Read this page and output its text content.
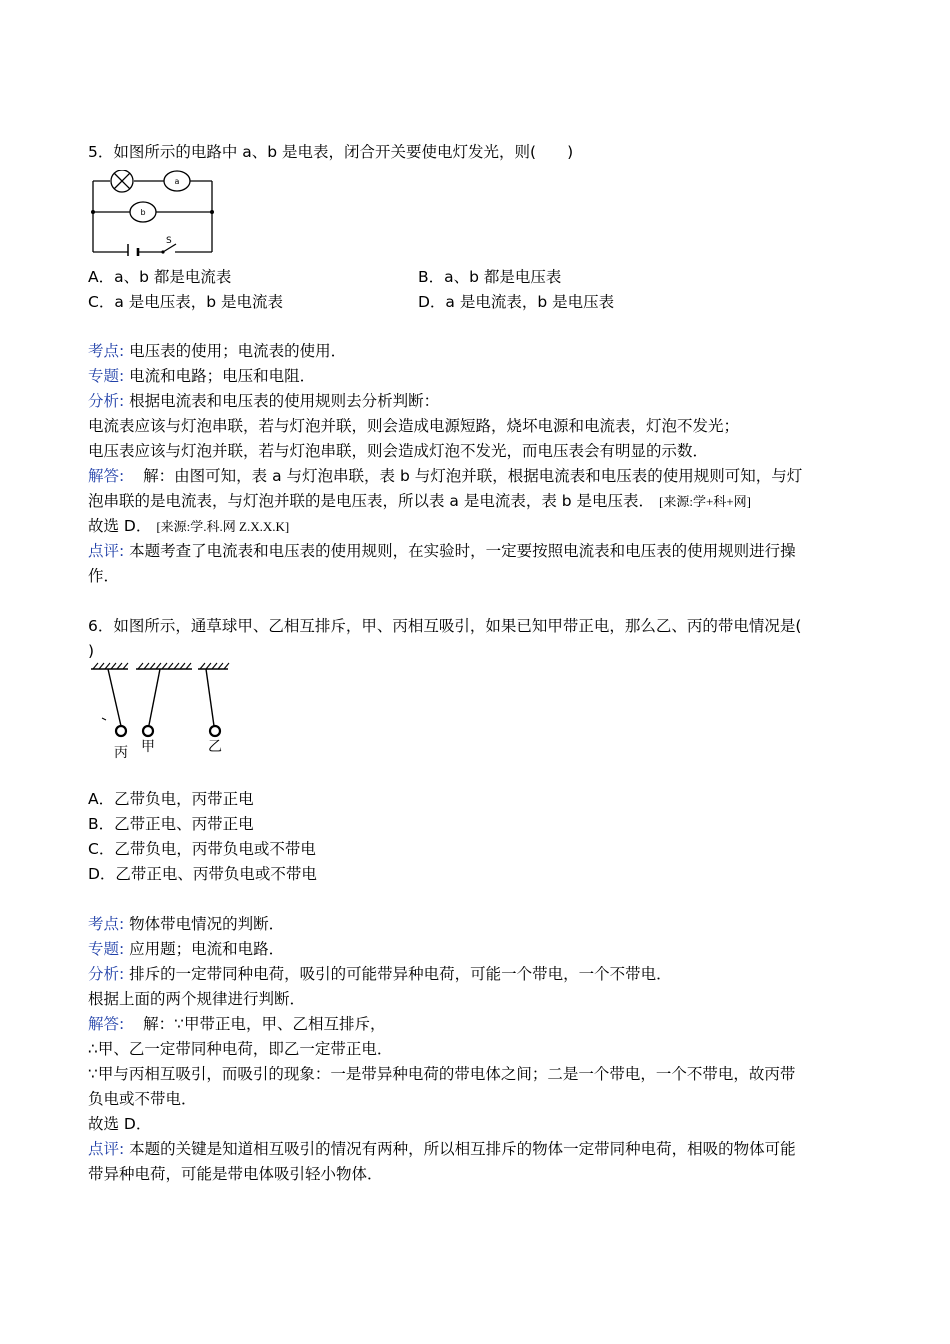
5．如图所示的电路中 a、b 是电表，闭合开关要使电灯发光，则(　　)
a
b
S
A．a、b 都是电流表	B．a、b 都是电压表
C．a 是电压表，b 是电流表	D．a 是电流表，b 是电压表
考点: 电压表的使用；电流表的使用．
专题: 电流和电路；电压和电阻．
分析: 根据电流表和电压表的使用规则去分析判断：
电流表应该与灯泡串联，若与灯泡并联，则会造成电源短路，烧坏电源和电流表，灯泡不发光；
电压表应该与灯泡并联，若与灯泡串联，则会造成灯泡不发光，而电压表会有明显的示数．
解答: 解：由图可知，表 a 与灯泡串联，表 b 与灯泡并联，根据电流表和电压表的使用规则可知，与灯
泡串联的是电流表，与灯泡并联的是电压表，所以表 a 是电流表，表 b 是电压表． [来源:学+科+网]
故选 D． [来源:学.科.网 Z.X.X.K]
点评: 本题考查了电流表和电压表的使用规则，在实验时，一定要按照电流表和电压表的使用规则进行操
作．
6．如图所示，通草球甲、乙相互排斥，甲、丙相互吸引，如果已知甲带正电，那么乙、丙的带电情况是(
)
丙 甲	乙
A．乙带负电，丙带正电
B．乙带正电、丙带正电
C．乙带负电，丙带负电或不带电
D．乙带正电、丙带负电或不带电
考点: 物体带电情况的判断．
专题: 应用题；电流和电路．
分析: 排斥的一定带同种电荷，吸引的可能带异种电荷，可能一个带电，一个不带电．
根据上面的两个规律进行判断．
解答: 解：∵甲带正电，甲、乙相互排斥，
∴甲、乙一定带同种电荷，即乙一定带正电．
∵甲与丙相互吸引，而吸引的现象：一是带异种电荷的带电体之间；二是一个带电，一个不带电，故丙带
负电或不带电．
故选 D．
点评: 本题的关键是知道相互吸引的情况有两种，所以相互排斥的物体一定带同种电荷，相吸的物体可能
带异种电荷，可能是带电体吸引轻小物体．
